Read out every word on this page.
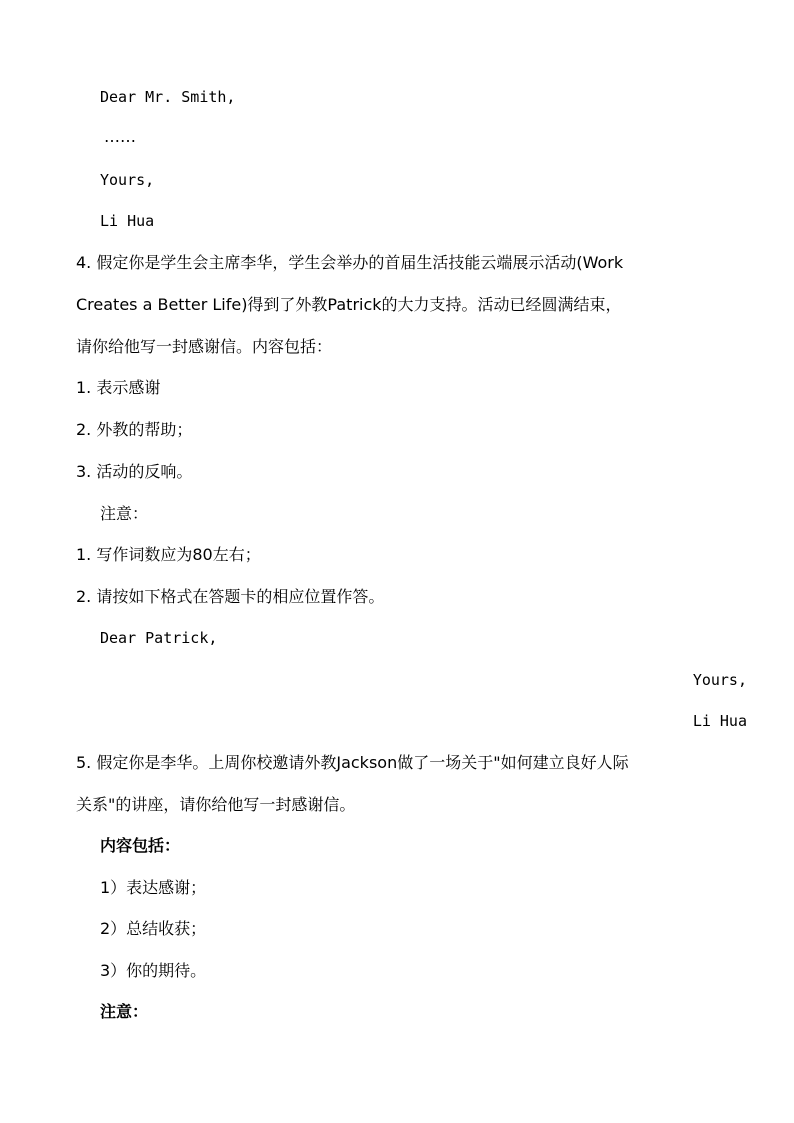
Dear Mr. Smith,
……
Yours,
Li Hua
4. 假定你是学生会主席李华，学生会举办的首届生活技能云端展示活动(Work
Creates a Better Life)得到了外教Patrick的大力支持。活动已经圆满结束，
请你给他写一封感谢信。内容包括：
1. 表示感谢
2. 外教的帮助；
3. 活动的反响。
注意：
1. 写作词数应为80左右；
2. 请按如下格式在答题卡的相应位置作答。
Dear Patrick,
Yours,
Li Hua
5. 假定你是李华。上周你校邀请外教Jackson做了一场关于"如何建立良好人际
关系"的讲座，请你给他写一封感谢信。
内容包括：
1）表达感谢；
2）总结收获；
3）你的期待。
注意：
